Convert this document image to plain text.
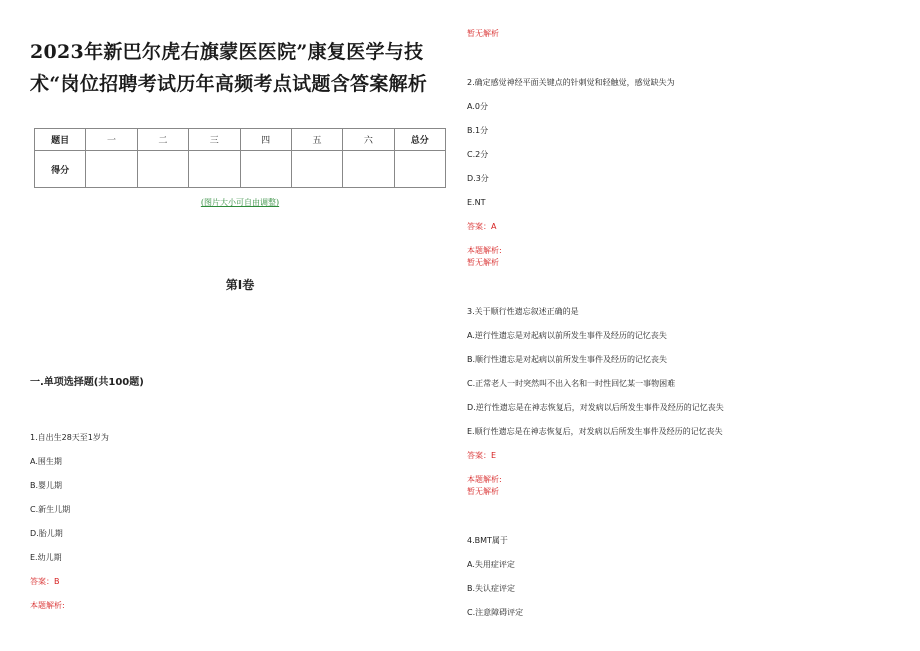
2023年新巴尔虎右旗蒙医医院”康复医学与技术“岗位招聘考试历年高频考点试题含答案解析
题目	一	二	三	四	五	六	总分
得分							
(图片大小可自由调整)
第Ⅰ卷
一.单项选择题(共100题)
1.自出生28天至1岁为
A.围生期
B.婴儿期
C.新生儿期
D.胎儿期
E.幼儿期
答案：B
本题解析:
暂无解析
2.确定感觉神经平面关键点的针刺觉和轻触觉，感觉缺失为
A.0分
B.1分
C.2分
D.3分
E.NT
答案：A
本题解析:
暂无解析
3.关于顺行性遗忘叙述正确的是
A.逆行性遗忘是对起病以前所发生事件及经历的记忆丧失
B.顺行性遗忘是对起病以前所发生事件及经历的记忆丧失
C.正常老人一时突然叫不出入名和一时性回忆某一事物困难
D.逆行性遗忘是在神志恢复后，对发病以后所发生事件及经历的记忆丧失
E.顺行性遗忘是在神志恢复后，对发病以后所发生事件及经历的记忆丧失
答案：E
本题解析:
暂无解析
4.BMT属于
A.失用症评定
B.失认症评定
C.注意障碍评定
